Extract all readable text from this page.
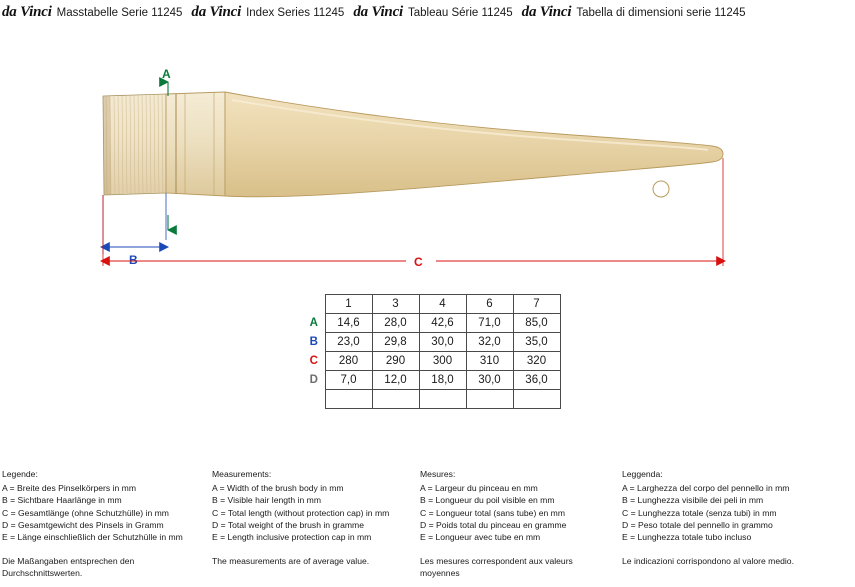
da Vinci Masstabelle Serie 11245 da Vinci Index Series 11245 da Vinci Tableau Série 11245 da Vinci Tabella di dimensioni serie 11245
A
B	C
	1	3	4	6	7
A	14,6	28,0	42,6	71,0	85,0
B	23,0	29,8	30,0	32,0	35,0
C	280	290	300	310	320
D	7,0	12,0	18,0	30,0	36,0

Legende:
A = Breite des Pinselkörpers in mm
B = Sichtbare Haarlänge in mm
C = Gesamtlänge (ohne Schutzhülle) in mm
D = Gesamtgewicht des Pinsels in Gramm
E = Länge einschließlich der Schutzhülle in mm
Die Maßangaben entsprechen den Durchschnittswerten.
Measurements:
A = Width of the brush body in mm
B = Visible hair length in mm
C = Total length (without protection cap) in mm
D = Total weight of the brush in gramme
E = Length inclusive protection cap in mm
The measurements are of average value.
Mesures:
A = Largeur du pinceau en mm
B = Longueur du poil visible en mm
C = Longueur total (sans tube) en mm
D = Poids total du pinceau en gramme
E = Longueur avec tube en mm
Les mesures correspondent aux valeurs moyennes
Leggenda:
A = Larghezza del corpo del pennello in mm
B = Lunghezza visibile dei peli in mm
C = Lunghezza totale (senza tubi) in mm
D = Peso totale del pennello in grammo
E = Lunghezza totale tubo incluso
Le indicazioni corrispondono al valore medio.
